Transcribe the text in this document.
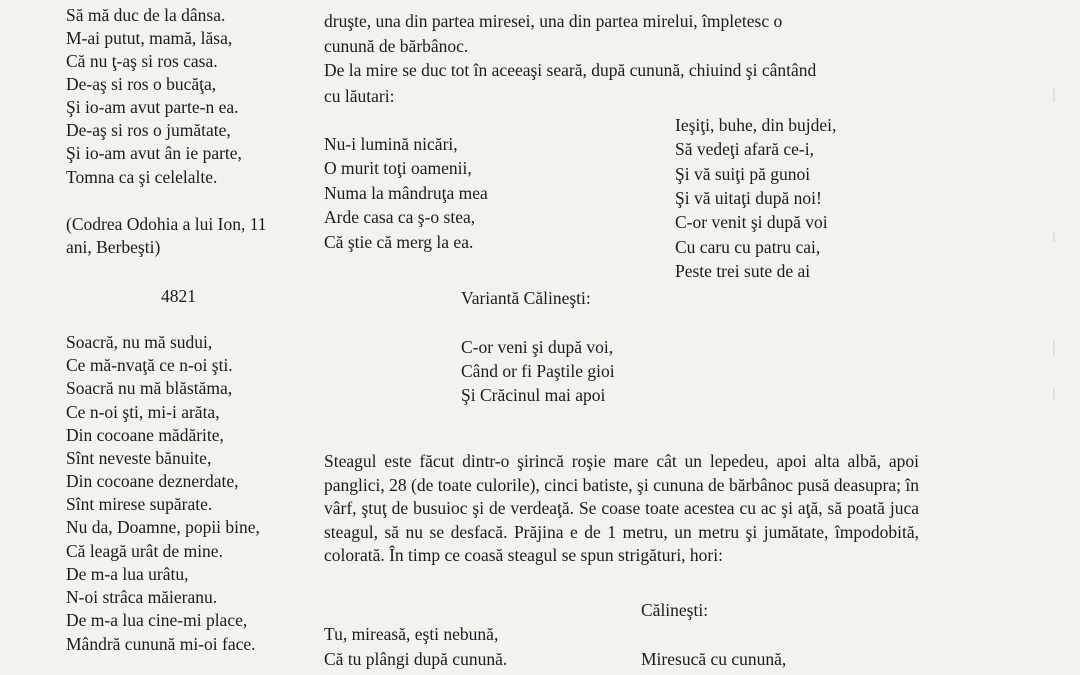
Să mă duc de la dânsa.
M-ai putut, mamă, lăsa,
Că nu ţ-aş si ros casa.
De-aş si ros o bucăţa,
Şi io-am avut parte-n ea.
De-aş si ros o jumătate,
Şi io-am avut ân ie parte,
Tomna ca şi celelalte.
(Codrea Odohia a lui Ion, 11
ani, Berbeşti)
4821
Soacră, nu mă sudui,
Ce mă-nvaţă ce n-oi şti.
Soacră nu mă blăstăma,
Ce n-oi şti, mi-i arăta,
Din cocoane mădărite,
Sînt neveste bănuite,
Din cocoane deznerdate,
Sînt mirese supărate.
Nu da, Doamne, popii bine,
Că leagă urât de mine.
De m-a lua urâtu,
N-oi strâca măieranu.
De m-a lua cine-mi place,
Mândră cunună mi-oi face.
druşte, una din partea miresei, una din partea mirelui, împletesc o
cunună de bărbânoc.
De la mire se duc tot în aceeaşi seară, după cunună, chiuind şi cântând
cu lăutari:
Nu-i lumină nicări,
O murit toţi oamenii,
Numa la mândruţa mea
Arde casa ca ş-o stea,
Că ştie că merg la ea.
Ieşiţi, buhe, din bujdei,
Să vedeţi afară ce-i,
Şi vă suiţi pă gunoi
Şi vă uitaţi după noi!
C-or venit şi după voi
Cu caru cu patru cai,
Peste trei sute de ai
Variantă Călineşti:
C-or veni şi după voi,
Când or fi Paştile gioi
Şi Crăcinul mai apoi
Steagul este făcut dintr-o şirincă roşie mare cât un lepedeu, apoi alta albă, apoi panglici, 28 (de toate culorile), cinci batiste, şi cununa de bărbânoc pusă deasupra; în vârf, ştuţ de busuioc şi de verdeaţă. Se coase toate acestea cu ac şi aţă, să poată juca steagul, să nu se desfacă. Prăjina e de 1 metru, un metru şi jumătate, împodobită, colorată. În timp ce coasă steagul se spun strigături, hori:
Călineşti:
Tu, mireasă, eşti nebună,
Că tu plângi după cunună.	Miresucă cu cunună,
